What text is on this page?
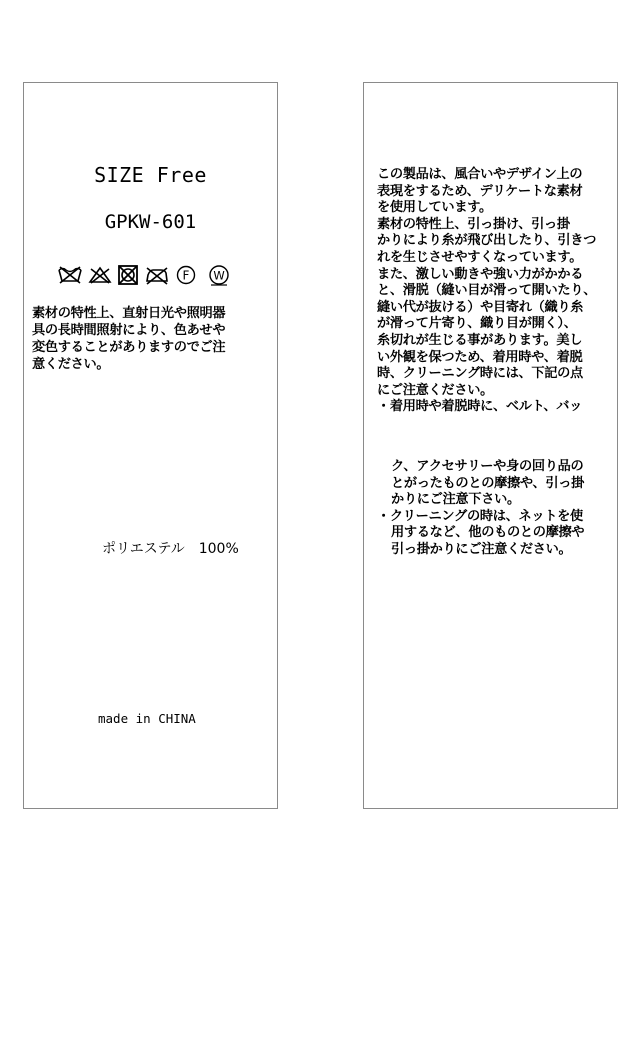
SIZE Free
GPKW-601
F W

素材の特性上、直射日光や照明器

具の長時間照射により、色あせや

変色することがありますのでご注

意ください。

ポリエステル　100%
made in CHINA

この製品は、風合いやデザイン上の

表現をするため、デリケートな素材

を使用しています。

素材の特性上、引っ掛け、引っ掛

かりにより糸が飛び出したり、引きつ

れを生じさせやすくなっています。

また、激しい動きや強い力がかかる

と、滑脱（縫い目が滑って開いたり、

縫い代が抜ける）や目寄れ（織り糸

が滑って片寄り、織り目が開く）、

糸切れが生じる事があります。美し

い外観を保つため、着用時や、着脱

時、クリーニング時には、下記の点

にご注意ください。

・着用時や着脱時に、ベルト、バッ

ク、アクセサリーや身の回り品の

とがったものとの摩擦や、引っ掛

かりにご注意下さい。

・クリーニングの時は、ネットを使

用するなど、他のものとの摩擦や

引っ掛かりにご注意ください。
